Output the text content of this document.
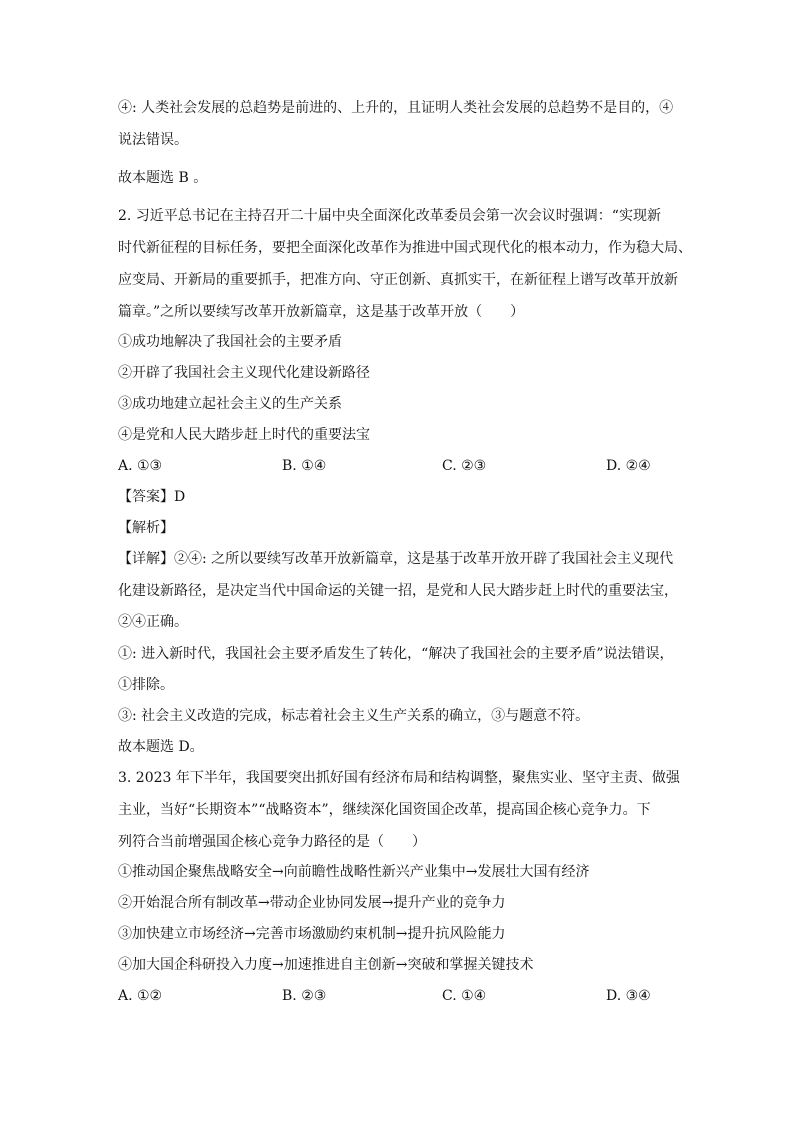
④: 人类社会发展的总趋势是前进的、上升的，且证明人类社会发展的总趋势不是目的，④
说法错误。
故本题选 B 。
2. 习近平总书记在主持召开二十届中央全面深化改革委员会第一次会议时强调：“实现新
时代新征程的目标任务，要把全面深化改革作为推进中国式现代化的根本动力，作为稳大局、
应变局、开新局的重要抓手，把准方向、守正创新、真抓实干，在新征程上谱写改革开放新
篇章。”之所以要续写改革开放新篇章，这是基于改革开放（　　）
①成功地解决了我国社会的主要矛盾
②开辟了我国社会主义现代化建设新路径
③成功地建立起社会主义的生产关系
④是党和人民大踏步赶上时代的重要法宝
A. ①③	B. ①④	C. ②③	D. ②④
【答案】D
【解析】
【详解】②④: 之所以要续写改革开放新篇章，这是基于改革开放开辟了我国社会主义现代
化建设新路径，是决定当代中国命运的关键一招，是党和人民大踏步赶上时代的重要法宝，
②④正确。
①: 进入新时代，我国社会主要矛盾发生了转化，“解决了我国社会的主要矛盾”说法错误，
①排除。
③: 社会主义改造的完成，标志着社会主义生产关系的确立，③与题意不符。
故本题选 D。
3. 2023 年下半年，我国要突出抓好国有经济布局和结构调整，聚焦实业、坚守主责、做强
主业，当好“长期资本”“战略资本”，继续深化国资国企改革，提高国企核心竞争力。下
列符合当前增强国企核心竞争力路径的是（　　）
①推动国企聚焦战略安全→向前瞻性战略性新兴产业集中→发展壮大国有经济
②开始混合所有制改革→带动企业协同发展→提升产业的竞争力
③加快建立市场经济→完善市场激励约束机制→提升抗风险能力
④加大国企科研投入力度→加速推进自主创新→突破和掌握关键技术
A. ①②	B. ②③	C. ①④	D. ③④
